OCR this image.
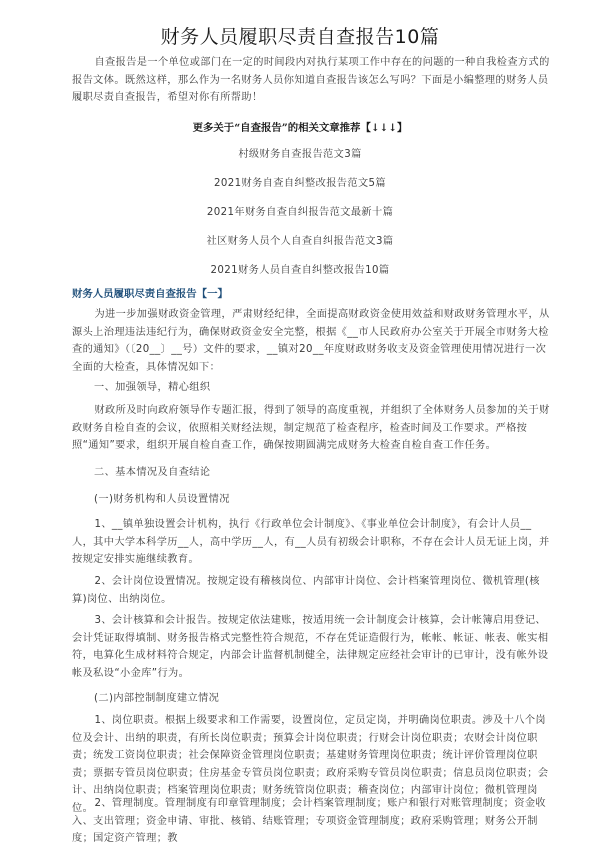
财务人员履职尽责自查报告10篇
自查报告是一个单位或部门在一定的时间段内对执行某项工作中存在的问题的一种自我检查方式的报告文体。既然这样，那么作为一名财务人员你知道自查报告该怎么写吗？下面是小编整理的财务人员履职尽责自查报告，希望对你有所帮助！
更多关于“自查报告”的相关文章推荐【↓↓↓】
村级财务自查报告范文3篇
2021财务自查自纠整改报告范文5篇
2021年财务自查自纠报告范文最新十篇
社区财务人员个人自查自纠报告范文3篇
2021财务人员自查自纠整改报告10篇
财务人员履职尽责自查报告【一】
为进一步加强财政资金管理，严肃财经纪律，全面提高财政资金使用效益和财政财务管理水平，从源头上治理违法违纪行为，确保财政资金安全完整，根据《__市人民政府办公室关于开展全市财务大检查的通知》（〔20__〕__号）文件的要求，__镇对20__年度财政财务收支及资金管理使用情况进行一次全面的大检查，具体情况如下：
一、加强领导，精心组织
财政所及时向政府领导作专题汇报，得到了领导的高度重视，并组织了全体财务人员参加的关于财政财务自检自查的会议，依照相关财经法规，制定规范了检查程序，检查时间及工作要求。严格按照“通知”要求，组织开展自检自查工作，确保按期圆满完成财务大检查自检自查工作任务。
二、基本情况及自查结论
(一)财务机构和人员设置情况
1、__镇单独设置会计机构，执行《行政单位会计制度》、《事业单位会计制度》，有会计人员__人，其中大学本科学历__人，高中学历__人，有__人员有初级会计职称，不存在会计人员无证上岗，并按规定安排实施继续教育。
2、会计岗位设置情况。按规定设有稽核岗位、内部审计岗位、会计档案管理岗位、微机管理(核算)岗位、出纳岗位。
3、会计核算和会计报告。按规定依法建账，按适用统一会计制度会计核算，会计帐簿启用登记、会计凭证取得填制、财务报告格式完整性符合规范，不存在凭证造假行为，帐帐、帐证、帐表、帐实相符，电算化生成材料符合规定，内部会计监督机制健全，法律规定应经社会审计的已审计，没有帐外设帐及私设“小金库”行为。
(二)内部控制制度建立情况
1、岗位职责。根据上级要求和工作需要，设置岗位，定员定岗，并明确岗位职责。涉及十八个岗位及会计、出纳的职责，有所长岗位职责；预算会计岗位职责；行财会计岗位职责；农财会计岗位职责；统发工资岗位职责；社会保障资金管理岗位职责；基建财务管理岗位职责；统计评价管理岗位职责；票据专管员岗位职责；住房基金专管员岗位职责；政府采购专管员岗位职责；信息员岗位职责；会计、出纳岗位职责；档案管理岗位职责；财务统管岗位职责；稽查岗位；内部审计岗位；微机管理岗位。 2、管理制度。管理制度有印章管理制度；会计档案管理制度；账户和银行对账管理制度；资金收入、支出管理；资金申请、审批、核销、结账管理；专项资金管理制度；政府采购管理；财务公开制度；国定资产管理；教
